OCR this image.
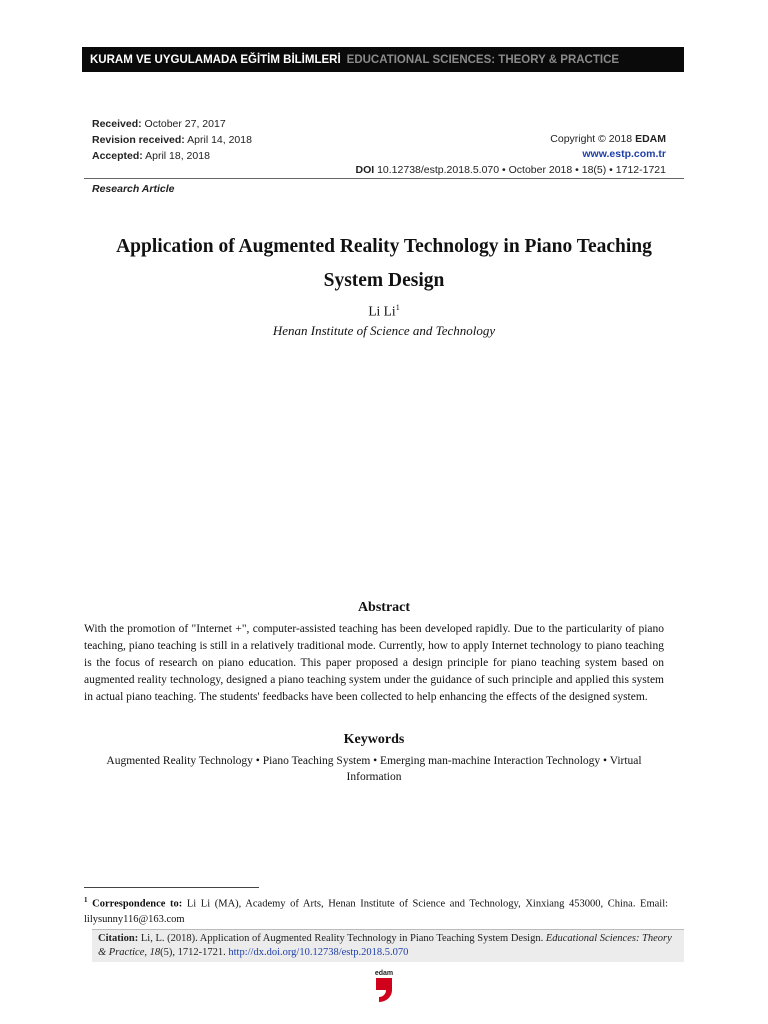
KURAM VE UYGULAMADA EĞİTİM BİLİMLERİ EDUCATIONAL SCIENCES: THEORY & PRACTICE
Received: October 27, 2017
Revision received: April 14, 2018
Accepted: April 18, 2018
Copyright © 2018 EDAM
www.estp.com.tr
DOI 10.12738/estp.2018.5.070 • October 2018 • 18(5) • 1712-1721
Research Article
Application of Augmented Reality Technology in Piano Teaching System Design
Li Li$^1$
Henan Institute of Science and Technology
Abstract
With the promotion of "Internet +", computer-assisted teaching has been developed rapidly. Due to the particularity of piano teaching, piano teaching is still in a relatively traditional mode. Currently, how to apply Internet technology to piano teaching is the focus of research on piano education. This paper proposed a design principle for piano teaching system based on augmented reality technology, designed a piano teaching system under the guidance of such principle and applied this system in actual piano teaching. The students' feedbacks have been collected to help enhancing the effects of the designed system.
Keywords
Augmented Reality Technology • Piano Teaching System • Emerging man-machine Interaction Technology • Virtual Information
$^1$ Correspondence to: Li Li (MA), Academy of Arts, Henan Institute of Science and Technology, Xinxiang 453000, China. Email: lilysunny116@163.com
Citation: Li, L. (2018). Application of Augmented Reality Technology in Piano Teaching System Design. Educational Sciences: Theory & Practice, 18(5), 1712-1721. http://dx.doi.org/10.12738/estp.2018.5.070
edam
